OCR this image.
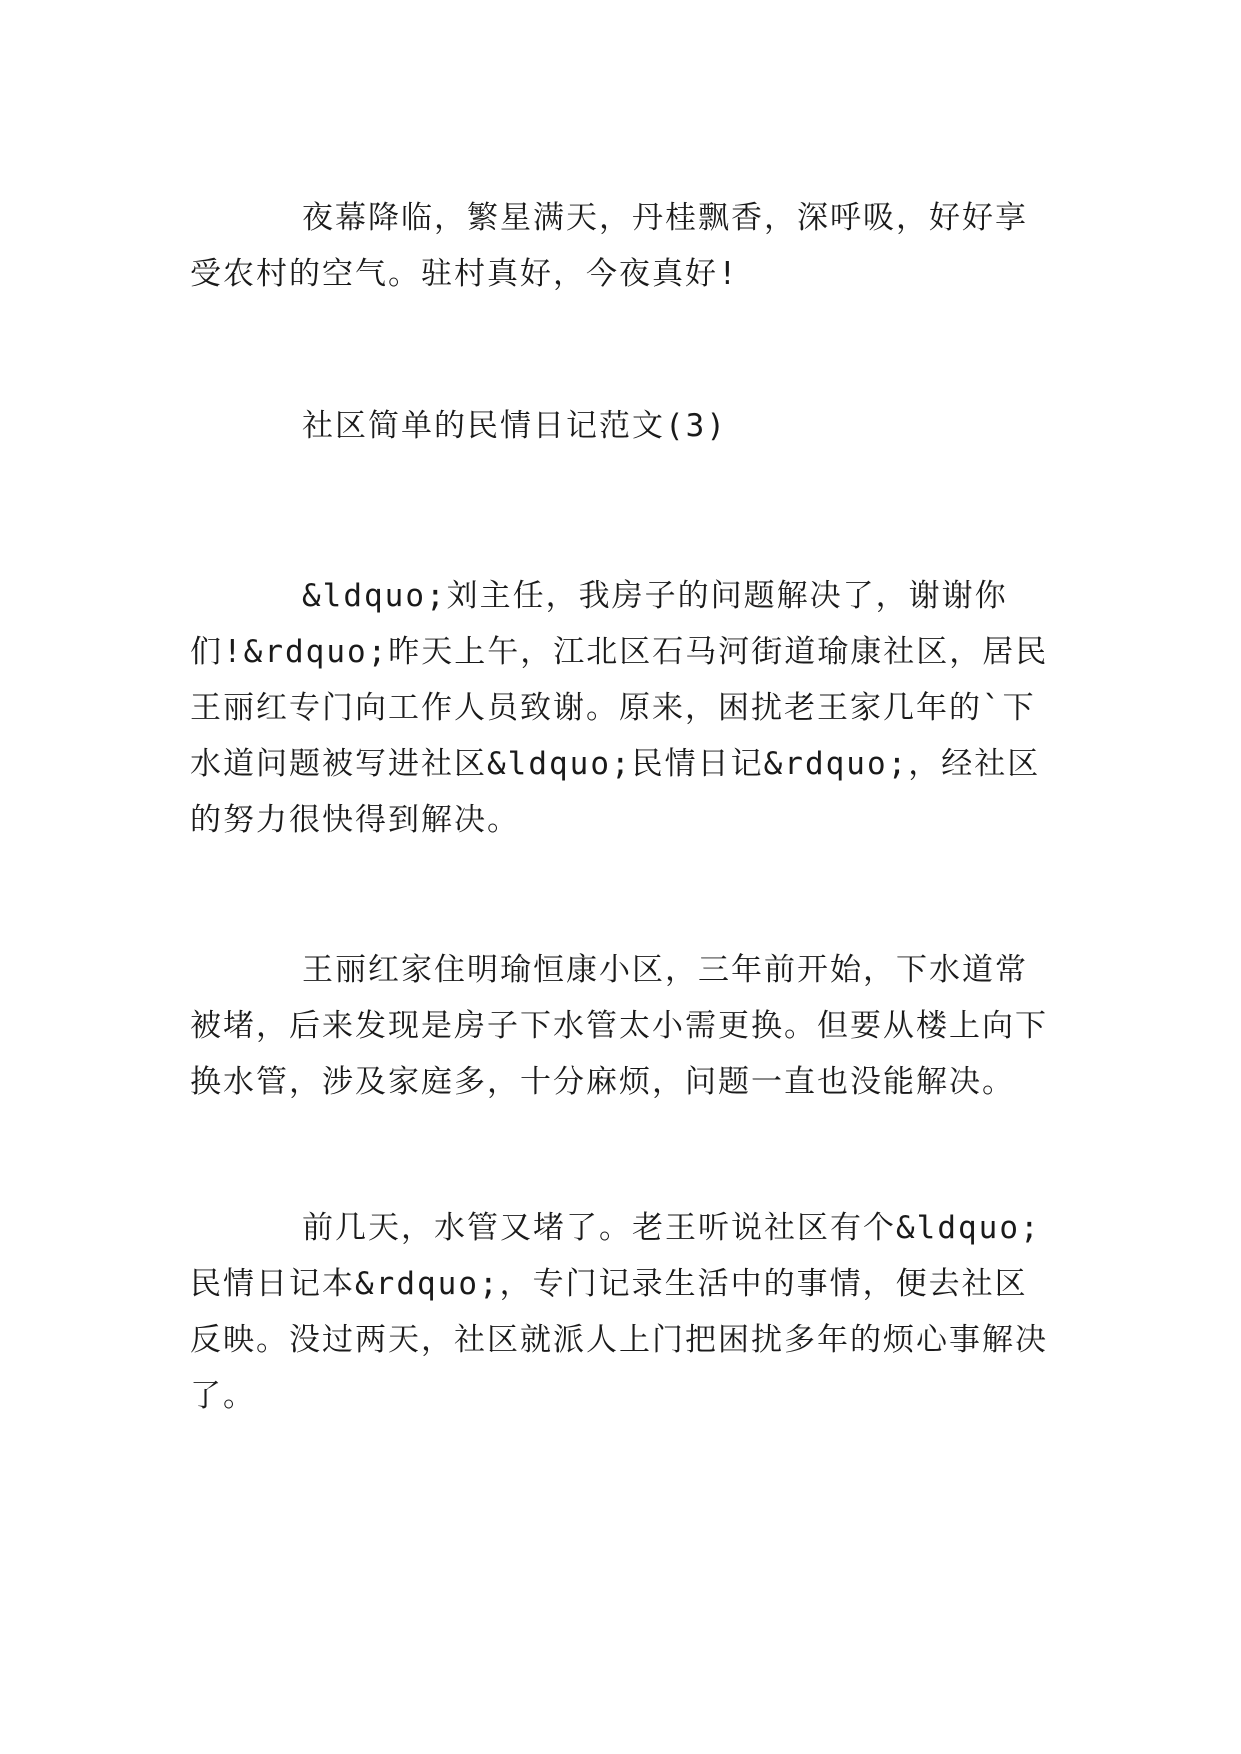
夜幕降临，繁星满天，丹桂飘香，深呼吸，好好享受农村的空气。驻村真好，今夜真好!

社区简单的民情日记范文(3)

&ldquo;刘主任，我房子的问题解决了，谢谢你们!&rdquo;昨天上午，江北区石马河街道瑜康社区，居民王丽红专门向工作人员致谢。原来，困扰老王家几年的`下水道问题被写进社区&ldquo;民情日记&rdquo;，经社区的努力很快得到解决。

王丽红家住明瑜恒康小区，三年前开始，下水道常被堵，后来发现是房子下水管太小需更换。但要从楼上向下换水管，涉及家庭多，十分麻烦，问题一直也没能解决。

前几天，水管又堵了。老王听说社区有个&ldquo;民情日记本&rdquo;，专门记录生活中的事情，便去社区反映。没过两天，社区就派人上门把困扰多年的烦心事解决了。
